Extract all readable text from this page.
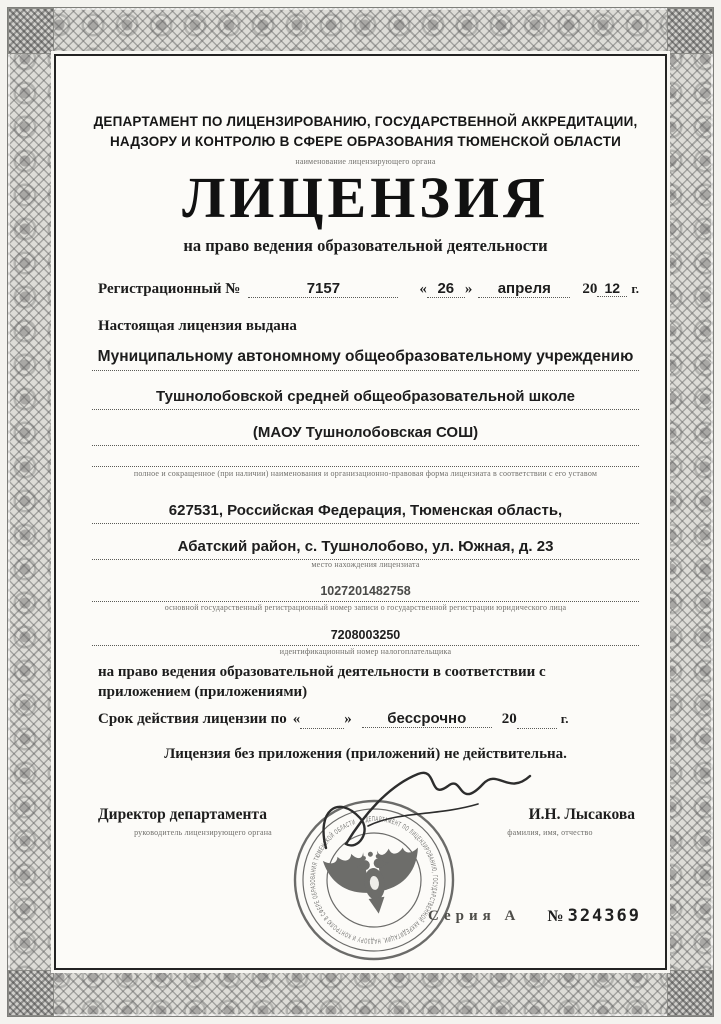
ДЕПАРТАМЕНТ ПО ЛИЦЕНЗИРОВАНИЮ, ГОСУДАРСТВЕННОЙ АККРЕДИТАЦИИ,
НАДЗОРУ И КОНТРОЛЮ В СФЕРЕ ОБРАЗОВАНИЯ ТЮМЕНСКОЙ ОБЛАСТИ
наименование лицензирующего органа
ЛИЦЕНЗИЯ
на право ведения образовательной деятельности
Регистрационный №	7157	« 26 »	апреля	20 12 г.
Настоящая лицензия выдана
Муниципальному автономному общеобразовательному учреждению
Тушнолобовской средней общеобразовательной школе
(МАОУ Тушнолобовская СОШ)
полное и сокращенное (при наличии) наименования и организационно-правовая форма лицензиата в соответствии с его уставом
627531, Российская Федерация, Тюменская область,
Абатский район, с. Тушнолобово, ул. Южная, д. 23
место нахождения лицензиата
1027201482758
основной государственный регистрационный номер записи о государственной регистрации юридического лица
7208003250
идентификационный номер налогоплательщика
на право ведения образовательной деятельности в соответствии с приложением (приложениями)
Срок действия лицензии по «
	»	бессрочно	20
	г.
Лицензия без приложения (приложений) не действительна.
Директор департамента	И.Н. Лысакова
руководитель лицензирующего органа	фамилия, имя, отчество
Серия А № 324369
ДЕПАРТАМЕНТ ПО ЛИЦЕНЗИРОВАНИЮ, ГОСУДАРСТВЕННОЙ АККРЕДИТАЦИИ, НАДЗОРУ И КОНТРОЛЮ В СФЕРЕ ОБРАЗОВАНИЯ ТЮМЕНСКОЙ ОБЛАСТИ
